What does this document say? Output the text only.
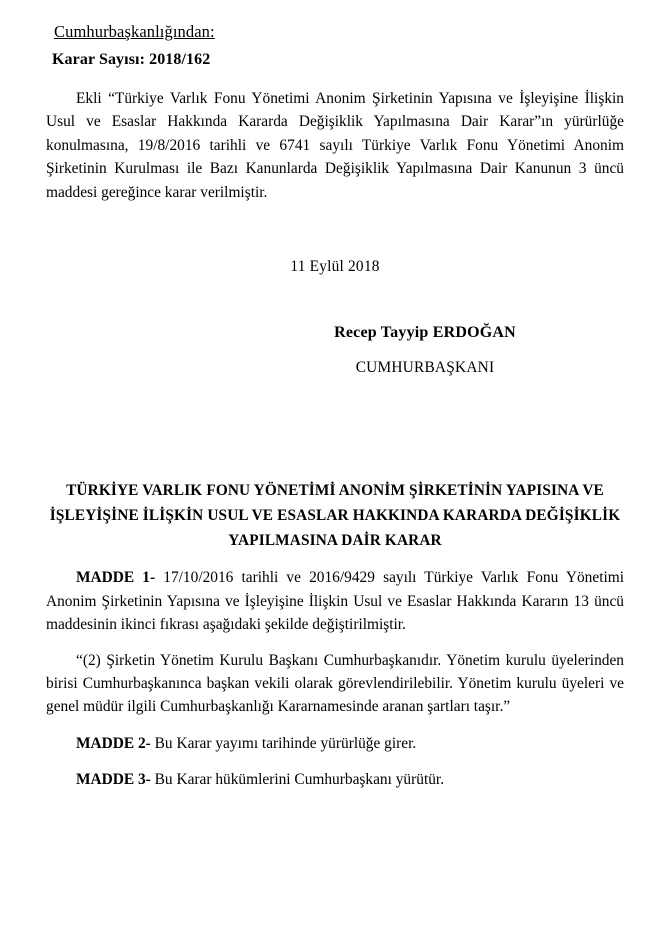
Cumhurbaşkanlığından:
Karar Sayısı: 2018/162

Ekli “Türkiye Varlık Fonu Yönetimi Anonim Şirketinin Yapısına ve İşleyişine İlişkin Usul ve Esaslar Hakkında Kararda Değişiklik Yapılmasına Dair Karar”ın yürürlüğe konulmasına, 19/8/2016 tarihli ve 6741 sayılı Türkiye Varlık Fonu Yönetimi Anonim Şirketinin Kurulması ile Bazı Kanunlarda Değişiklik Yapılmasına Dair Kanunun 3 üncü maddesi gereğince karar verilmiştir.

11 Eylül 2018
Recep Tayyip ERDOĞAN
CUMHURBAŞKANI
TÜRKİYE VARLIK FONU YÖNETİMİ ANONİM ŞİRKETİNİN YAPISINA VE İŞLEYİŞİNE İLİŞKİN USUL VE ESASLAR HAKKINDA KARARDA DEĞİŞİKLİK YAPILMASINA DAİR KARAR

MADDE 1- 17/10/2016 tarihli ve 2016/9429 sayılı Türkiye Varlık Fonu Yönetimi Anonim Şirketinin Yapısına ve İşleyişine İlişkin Usul ve Esaslar Hakkında Kararın 13 üncü maddesinin ikinci fıkrası aşağıdaki şekilde değiştirilmiştir.

“(2) Şirketin Yönetim Kurulu Başkanı Cumhurbaşkanıdır. Yönetim kurulu üyelerinden birisi Cumhurbaşkanınca başkan vekili olarak görevlendirilebilir. Yönetim kurulu üyeleri ve genel müdür ilgili Cumhurbaşkanlığı Kararnamesinde aranan şartları taşır.”

MADDE 2- Bu Karar yayımı tarihinde yürürlüğe girer.

MADDE 3- Bu Karar hükümlerini Cumhurbaşkanı yürütür.
